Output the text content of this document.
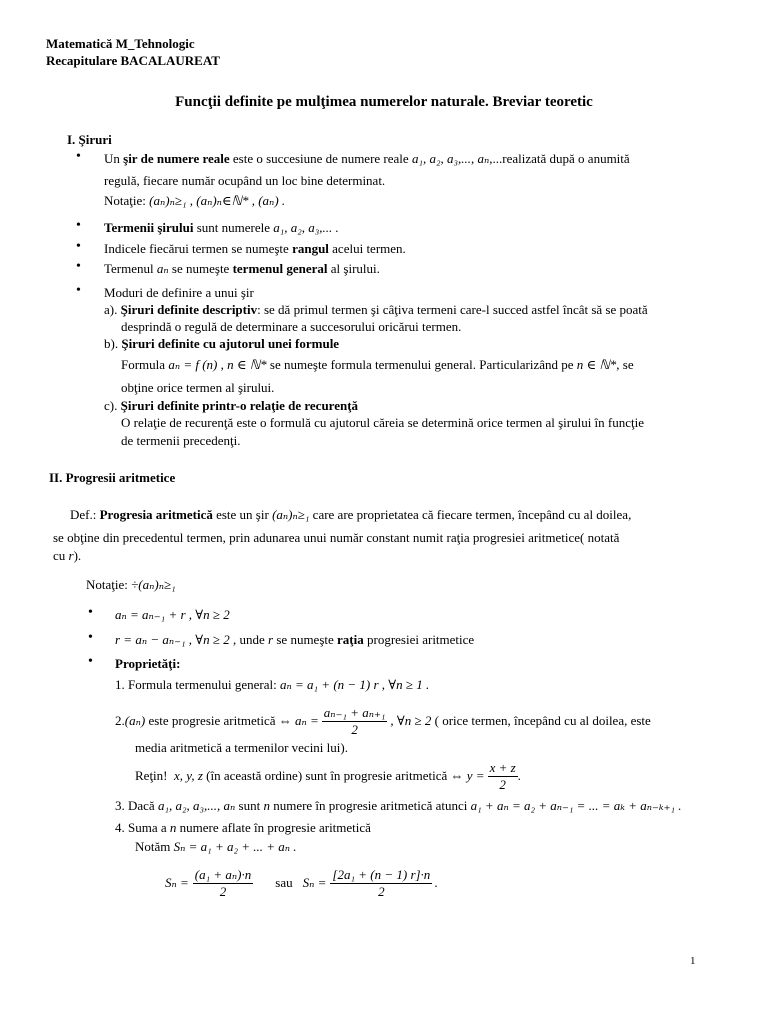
Matematică M_Tehnologic
Recapitulare BACALAUREAT
Funcţii definite pe mulţimea numerelor naturale. Breviar teoretic
I. Şiruri
• Un şir de numere reale este o succesiune de numere reale a₁, a₂, a₃,..., aₙ,...realizată după o anumită
regulă, fiecare număr ocupând un loc bine determinat.
Notaţie: (aₙ)ₙ≥₁ , (aₙ)ₙ∈ℕ* , (aₙ) .
• Termenii şirului sunt numerele a₁, a₂, a₃,... .
• Indicele fiecărui termen se numeşte rangul acelui termen.
• Termenul aₙ se numeşte termenul general al şirului.
• Moduri de definire a unui şir
a). Şiruri definite descriptiv: se dă primul termen şi câţiva termeni care-l succed astfel încât să se poată
desprindă o regulă de determinare a succesorului oricărui termen.
b). Şiruri definite cu ajutorul unei formule
Formula aₙ = f (n) , n ∈ ℕ* se numeşte formula termenului general. Particularizând pe n ∈ ℕ*, se
obţine orice termen al şirului.
c). Şiruri definite printr-o relaţie de recurenţă
O relaţie de recurenţă este o formulă cu ajutorul căreia se determină orice termen al şirului în funcţie
de termenii precedenţi.
II. Progresii aritmetice
Def.: Progresia aritmetică este un şir (aₙ)ₙ≥₁ care are proprietatea că fiecare termen, începând cu al doilea,
se obţine din precedentul termen, prin adunarea unui număr constant numit raţia progresiei aritmetice( notată
cu r).
Notaţie: ÷(aₙ)ₙ≥₁
• aₙ = aₙ₋₁ + r , ∀n ≥ 2
• r = aₙ − aₙ₋₁ , ∀n ≥ 2 , unde r se numeşte raţia progresiei aritmetice
• Proprietăţi:
1. Formula termenului general: aₙ = a₁ + (n − 1) r , ∀n ≥ 1 .
2. (aₙ) este progresie aritmetică ⇔ $a_n = \frac{\text{aₙ₋₁ + aₙ₊₁}}{2}$ , ∀n ≥ 2 ( orice termen, începând cu al doilea, este
media aritmetică a termenilor vecini lui).
Reţin! x, y, z (în această ordine) sunt în progresie aritmetică ⇔ $y = \frac{x + z}{2}$ .
3. Dacă a₁, a₂, a₃,..., aₙ sunt n numere în progresie aritmetică atunci a₁ + aₙ = a₂ + aₙ₋₁ = ... = aₖ + aₙ₋ₖ₊₁ .
4. Suma a n numere aflate în progresie aritmetică
Notăm Sₙ = a₁ + a₂ + ... + aₙ .
$S_n = \frac{\text{(a₁ + aₙ)·n}}{2}$ sau $S_n = \frac{\text{[2a₁ + (n − 1) r]·n}}{2}$ .
1
